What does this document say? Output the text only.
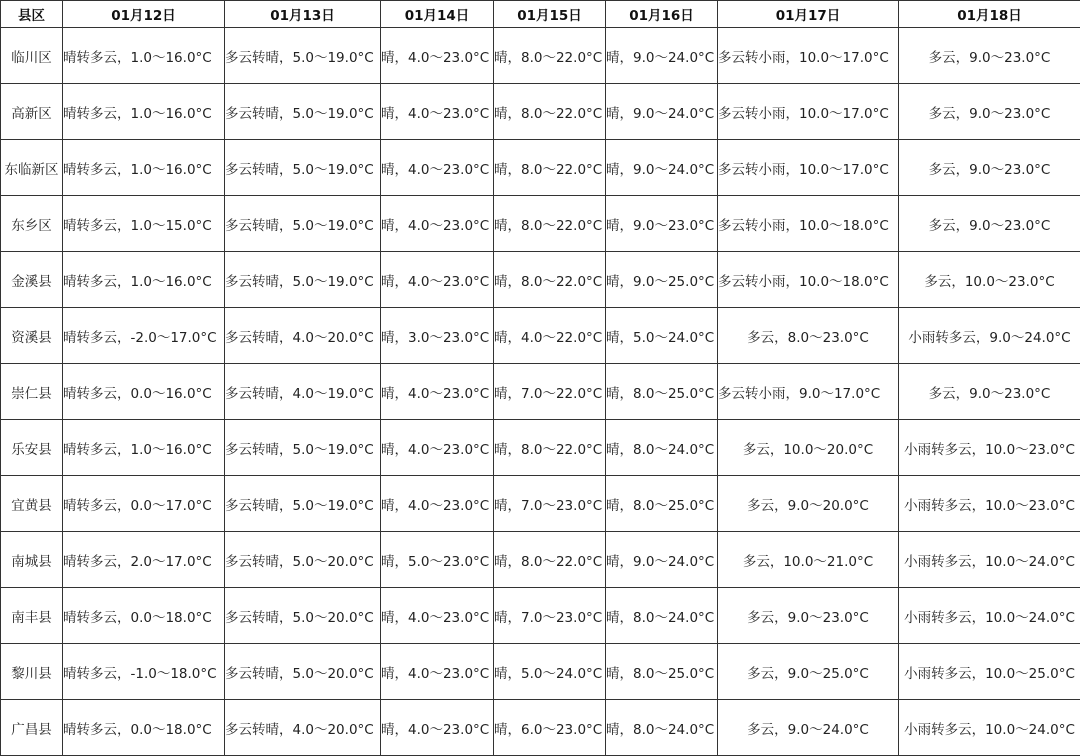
县区	01月12日	01月13日	01月14日	01月15日	01月16日	01月17日	01月18日
临川区	晴转多云，1.0～16.0°C	多云转晴，5.0～19.0°C	晴，4.0～23.0°C	晴，8.0～22.0°C	晴，9.0～24.0°C	多云转小雨，10.0～17.0°C	多云，9.0～23.0°C
高新区	晴转多云，1.0～16.0°C	多云转晴，5.0～19.0°C	晴，4.0～23.0°C	晴，8.0～22.0°C	晴，9.0～24.0°C	多云转小雨，10.0～17.0°C	多云，9.0～23.0°C
东临新区	晴转多云，1.0～16.0°C	多云转晴，5.0～19.0°C	晴，4.0～23.0°C	晴，8.0～22.0°C	晴，9.0～24.0°C	多云转小雨，10.0～17.0°C	多云，9.0～23.0°C
东乡区	晴转多云，1.0～15.0°C	多云转晴，5.0～19.0°C	晴，4.0～23.0°C	晴，8.0～22.0°C	晴，9.0～23.0°C	多云转小雨，10.0～18.0°C	多云，9.0～23.0°C
金溪县	晴转多云，1.0～16.0°C	多云转晴，5.0～19.0°C	晴，4.0～23.0°C	晴，8.0～22.0°C	晴，9.0～25.0°C	多云转小雨，10.0～18.0°C	多云，10.0～23.0°C
资溪县	晴转多云，-2.0～17.0°C	多云转晴，4.0～20.0°C	晴，3.0～23.0°C	晴，4.0～22.0°C	晴，5.0～24.0°C	多云，8.0～23.0°C	小雨转多云，9.0～24.0°C
崇仁县	晴转多云，0.0～16.0°C	多云转晴，4.0～19.0°C	晴，4.0～23.0°C	晴，7.0～22.0°C	晴，8.0～25.0°C	多云转小雨，9.0～17.0°C	多云，9.0～23.0°C
乐安县	晴转多云，1.0～16.0°C	多云转晴，5.0～19.0°C	晴，4.0～23.0°C	晴，8.0～22.0°C	晴，8.0～24.0°C	多云，10.0～20.0°C	小雨转多云，10.0～23.0°C
宜黄县	晴转多云，0.0～17.0°C	多云转晴，5.0～19.0°C	晴，4.0～23.0°C	晴，7.0～23.0°C	晴，8.0～25.0°C	多云，9.0～20.0°C	小雨转多云，10.0～23.0°C
南城县	晴转多云，2.0～17.0°C	多云转晴，5.0～20.0°C	晴，5.0～23.0°C	晴，8.0～22.0°C	晴，9.0～24.0°C	多云，10.0～21.0°C	小雨转多云，10.0～24.0°C
南丰县	晴转多云，0.0～18.0°C	多云转晴，5.0～20.0°C	晴，4.0～23.0°C	晴，7.0～23.0°C	晴，8.0～24.0°C	多云，9.0～23.0°C	小雨转多云，10.0～24.0°C
黎川县	晴转多云，-1.0～18.0°C	多云转晴，5.0～20.0°C	晴，4.0～23.0°C	晴，5.0～24.0°C	晴，8.0～25.0°C	多云，9.0～25.0°C	小雨转多云，10.0～25.0°C
广昌县	晴转多云，0.0～18.0°C	多云转晴，4.0～20.0°C	晴，4.0～23.0°C	晴，6.0～23.0°C	晴，8.0～24.0°C	多云，9.0～24.0°C	小雨转多云，10.0～24.0°C
